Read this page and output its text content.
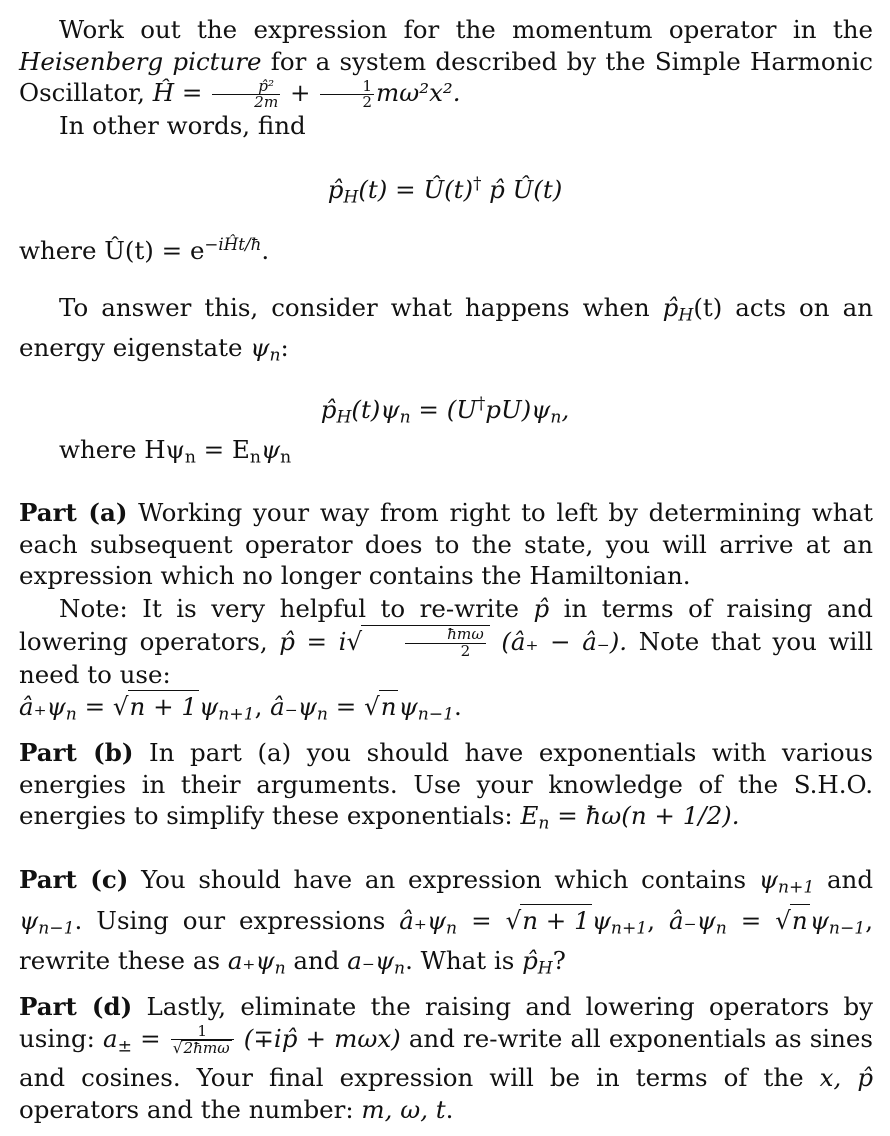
Work out the expression for the momentum operator in the Heisenberg picture for a system described by the Simple Harmonic Oscillator, Ĥ = $\frac{\text{p̂²}}{2m} + \frac{1}{2} m\omega^2x^2$.
In other words, find
$p̂_H(t)$ = Û(t)† p̂ Û(t)
where Û(t) = $e^{-iĤt/ħ}$.
To answer this, consider what happens when $p̂_H(t)$ acts on an energy eigenstate $\psi_n$:
$p̂_H(t)\psi_n = (U^\dagger pU)\psi_n$,
where $H\psi_n = E_n\psi_n$
Part (a) Working your way from right to left by determining what each subsequent operator does to the state, you will arrive at an expression which no longer contains the Hamiltonian.
Note: It is very helpful to re-write p̂ in terms of raising and lowering operators, p̂ = i√	$\frac{\text{ħmω}}{2}$ (â₊ − â₋). Note that you will need to use:
$â_+\psi_n = √n + 1\psi_{n+1}$, $â_-\psi_n = √n\psi_{n-1}$.
Part (b) In part (a) you should have exponentials with various energies in their arguments. Use your knowledge of the S.H.O. energies to simplify these exponentials: $E_n$ = ħω(n + 1/2).
Part (c) You should have an expression which contains $\psi_{n+1}$ and $\psi_{n-1}$. Using our expressions $â_+\psi_n = √n + 1\psi_{n+1}$, $â_-\psi_n = √n\psi_{n-1}$, rewrite these as $a_+\psi_n$ and $a_-\psi_n$. What is $p̂_H$?
Part (d) Lastly, eliminate the raising and lowering operators by using: $a_\pm = \frac{1}{\text{√2ħmω}}$ (∓ip̂ + mωx) and re-write all exponentials as sines and cosines. Your final expression will be in terms of the x, p̂ operators and the number: m, ω, t.
